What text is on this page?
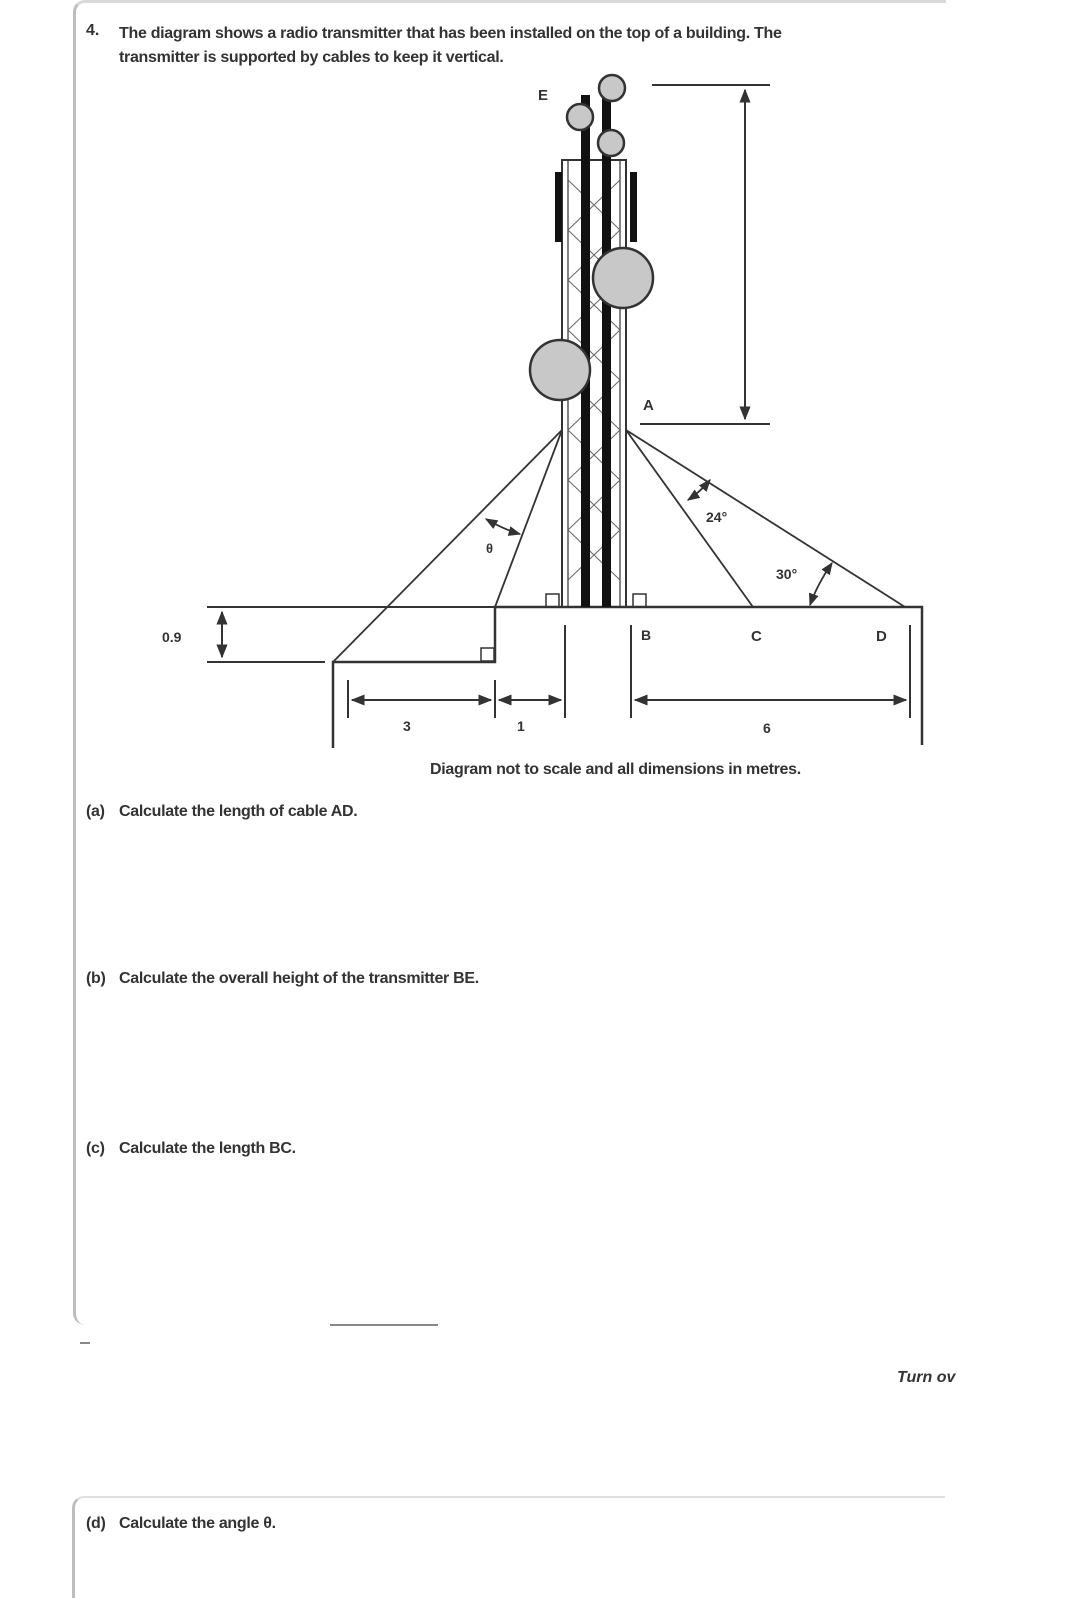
4. The diagram shows a radio transmitter that has been installed on the top of a building. The transmitter is supported by cables to keep it vertical.
E
A
B	C	D
θ
24°
30°
0.9
3	1	6
Diagram not to scale and all dimensions in metres.
(a) Calculate the length of cable AD.
(b) Calculate the overall height of the transmitter BE.
(c) Calculate the length BC.
(d) Calculate the angle θ.
Turn ov
